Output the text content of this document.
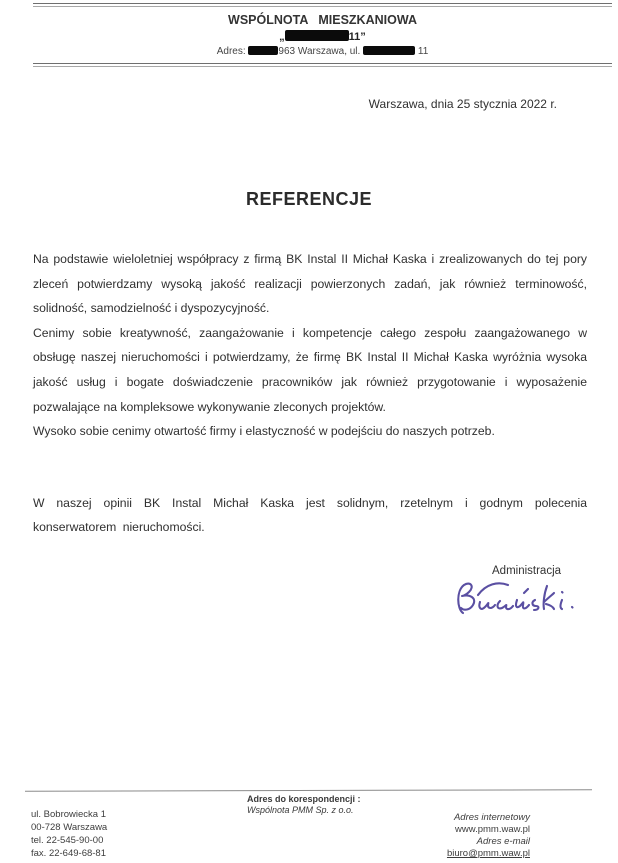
WSPÓLNOTA MIESZKANIOWA
„	11”
Adres:	963 Warszawa, ul.	11
Warszawa, dnia 25 stycznia 2022 r.
REFERENCJE

Na podstawie wieloletniej współpracy z firmą BK Instal II Michał Kaska i zrealizowanych do tej pory zleceń potwierdzamy wysoką jakość realizacji powierzonych zadań, jak również terminowość, solidność, samodzielność i dyspozycyjność.

Cenimy sobie kreatywność, zaangażowanie i kompetencje całego zespołu zaangażowanego w obsługę naszej nieruchomości i potwierdzamy, że firmę BK Instal II Michał Kaska wyróżnia wysoka jakość usług i bogate doświadczenie pracowników jak również przygotowanie i wyposażenie pozwalające na kompleksowe wykonywanie zleconych projektów.

Wysoko sobie cenimy otwartość firmy i elastyczność w podejściu do naszych potrzeb.

W naszej opinii BK Instal Michał Kaska jest solidnym, rzetelnym i godnym polecenia konserwatorem nieruchomości.

Administracja
Adres do korespondencji :
Wspólnota PMM Sp. z o.o.
ul. Bobrowiecka 1
00-728 Warszawa
tel. 22-545-90-00
fax. 22-649-68-81
Adres internetowy
www.pmm.waw.pl
Adres e-mail
biuro@pmm.waw.pl
